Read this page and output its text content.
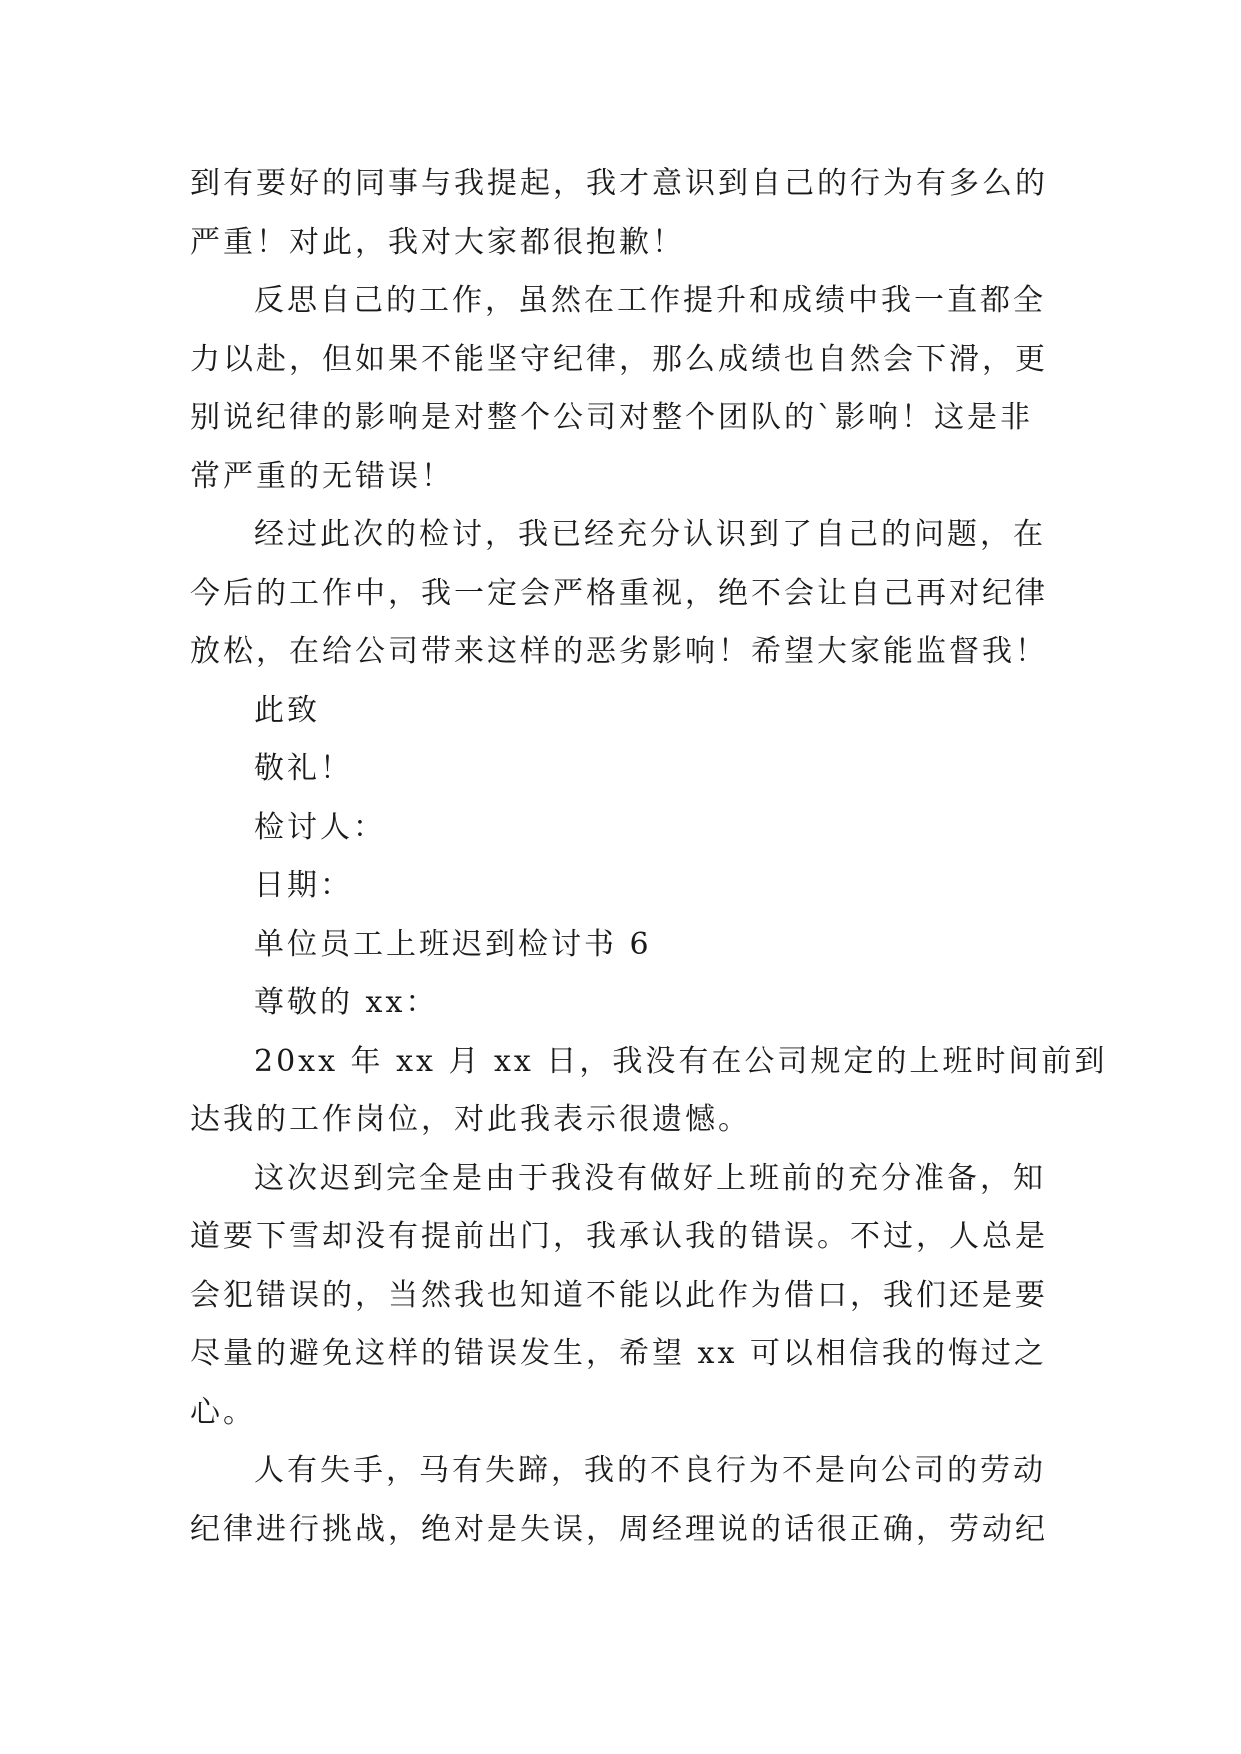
到有要好的同事与我提起，我才意识到自己的行为有多么的
严重！对此，我对大家都很抱歉！
反思自己的工作，虽然在工作提升和成绩中我一直都全
力以赴，但如果不能坚守纪律，那么成绩也自然会下滑，更
别说纪律的影响是对整个公司对整个团队的`影响！这是非
常严重的无错误！
经过此次的检讨，我已经充分认识到了自己的问题，在
今后的工作中，我一定会严格重视，绝不会让自己再对纪律
放松，在给公司带来这样的恶劣影响！希望大家能监督我！
此致
敬礼！
检讨人：
日期：
单位员工上班迟到检讨书 6
尊敬的 xx：
20xx 年 xx 月 xx 日，我没有在公司规定的上班时间前到
达我的工作岗位，对此我表示很遗憾。
这次迟到完全是由于我没有做好上班前的充分准备，知
道要下雪却没有提前出门，我承认我的错误。不过，人总是
会犯错误的，当然我也知道不能以此作为借口，我们还是要
尽量的避免这样的错误发生，希望 xx 可以相信我的悔过之
心。
人有失手，马有失蹄，我的不良行为不是向公司的劳动
纪律进行挑战，绝对是失误，周经理说的话很正确，劳动纪
